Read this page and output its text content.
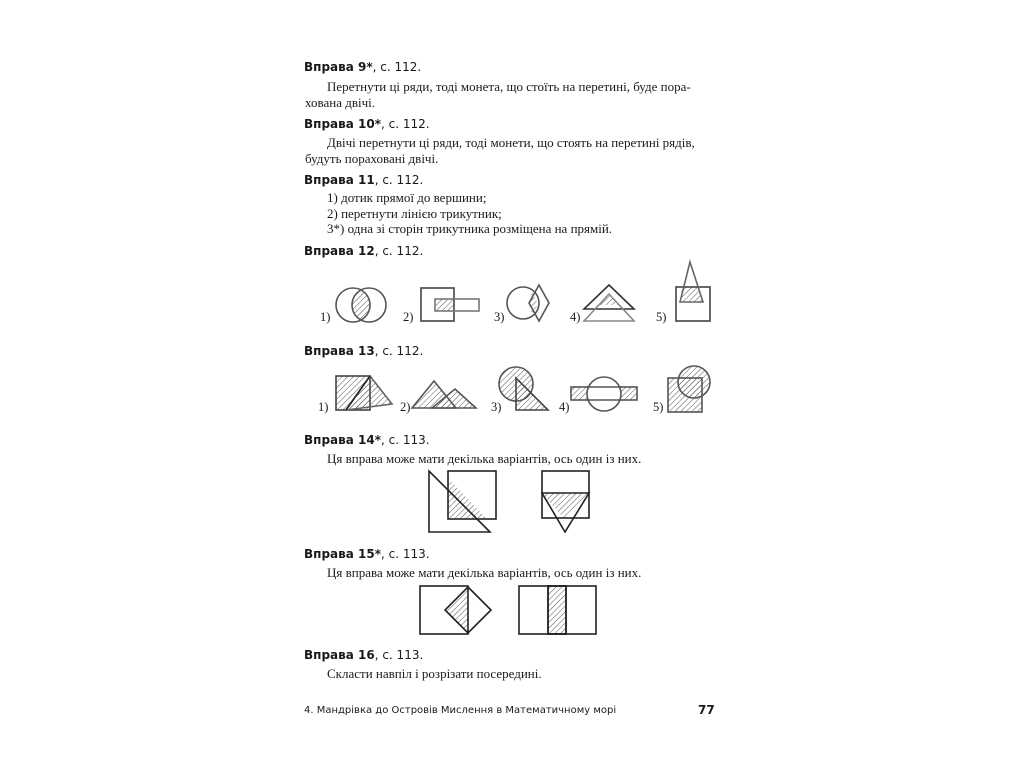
Вправа 9*, с. 112.

Перетнути ці ряди, тоді монета, що стоїть на перетині, буде пора-

хована двічі.

Вправа 10*, с. 112.

Двічі перетнути ці ряди, тоді монети, що стоять на перетині рядів,

будуть пораховані двічі.

Вправа 11, с. 112.

1) дотик прямої до вершини;

2) перетнути лінією трикутник;

3*) одна зі сторін трикутника розміщена на прямій.

Вправа 12, с. 112.
1)	2)	3)	4)	5)
Вправа 13, с. 112.
1)	2)	3)	4)	5)
Вправа 14*, с. 113.

Ця вправа може мати декілька варіантів, ось один із них.

Вправа 15*, с. 113.

Ця вправа може мати декілька варіантів, ось один із них.

Вправа 16, с. 113.

Скласти навпіл і розрізати посередині.

4. Мандрівка до Островів Мислення в Математичному морі	77
